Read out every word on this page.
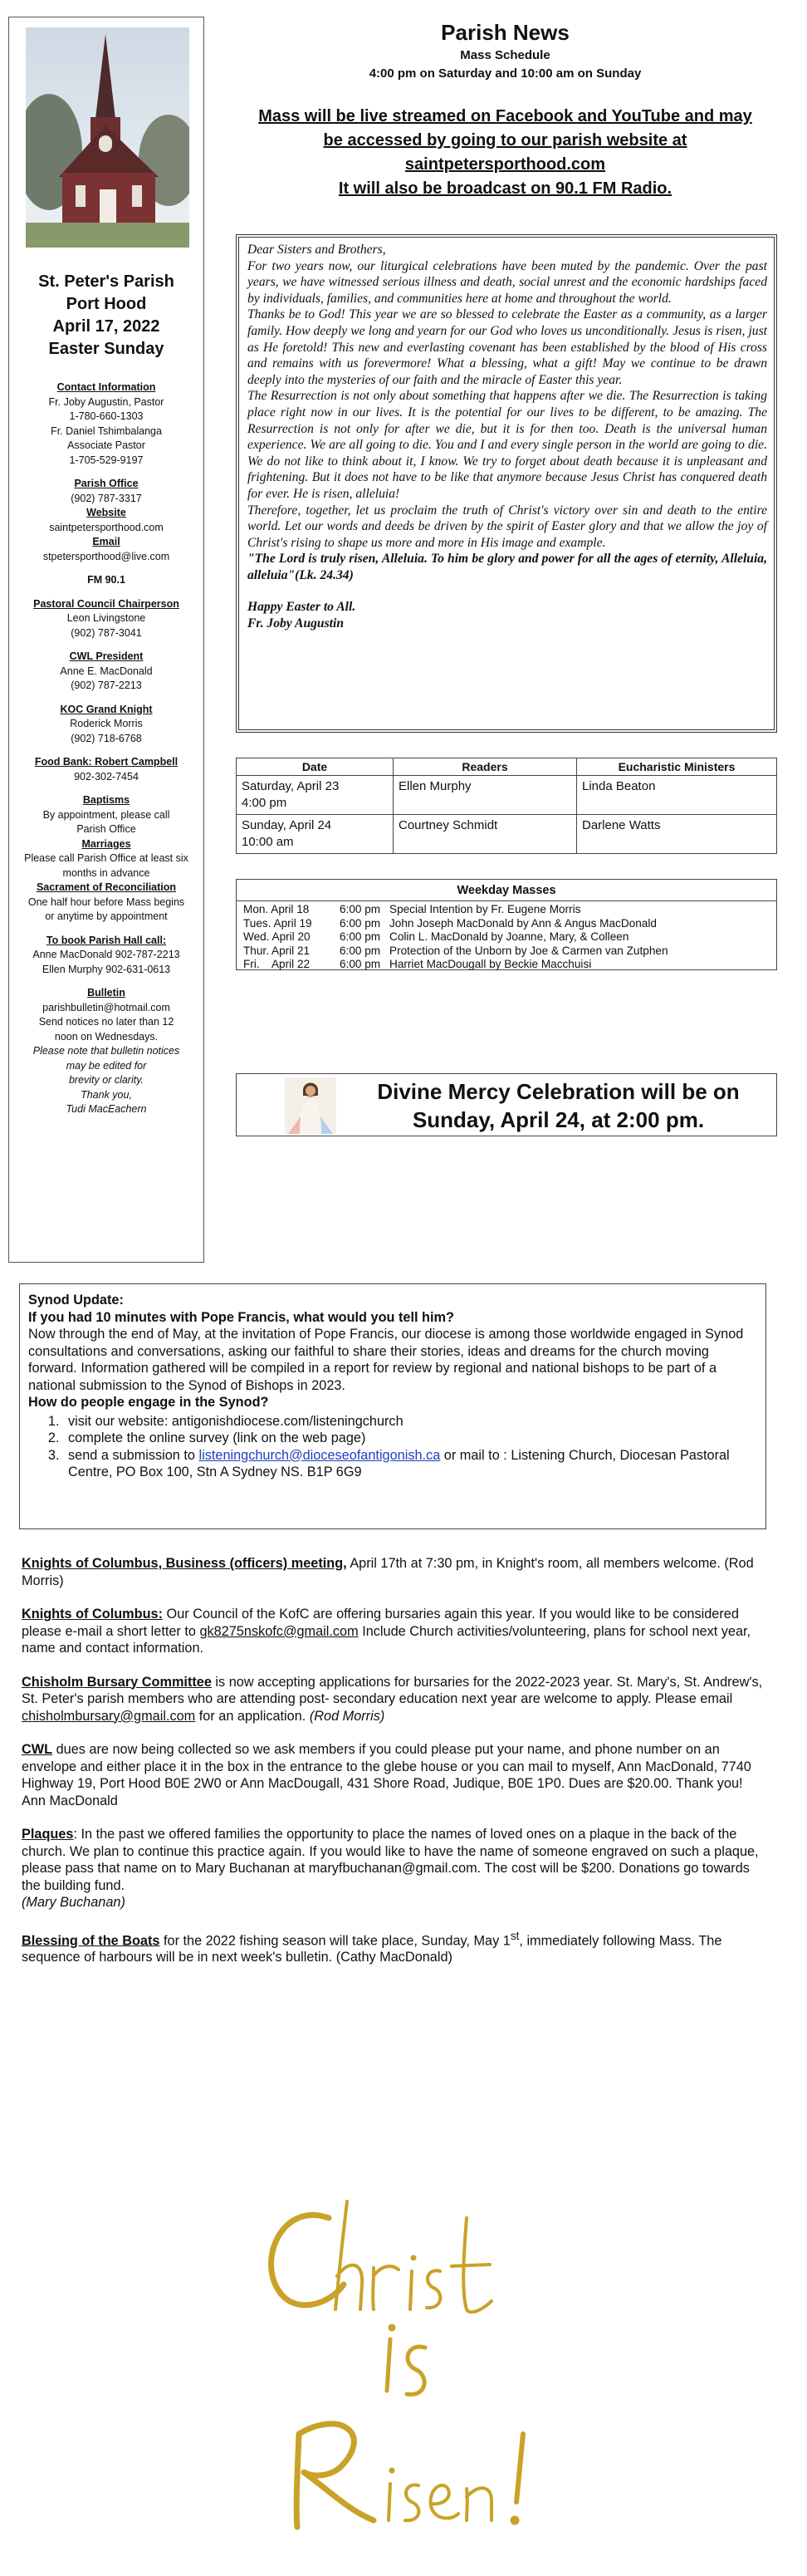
St. Peter's Parish
Port Hood
April 17, 2022
Easter Sunday
Contact Information
Fr. Joby Augustin, Pastor
1-780-660-1303
Fr. Daniel Tshimbalanga
Associate Pastor
1-705-529-9197
Parish Office
(902) 787-3317
Website
saintpetersporthood.com
Email
stpetersporthood@live.com
FM 90.1
Pastoral Council Chairperson
Leon Livingstone
(902) 787-3041
CWL President
Anne E. MacDonald
(902) 787-2213
KOC Grand Knight
Roderick Morris
(902) 718-6768
Food Bank: Robert Campbell
902-302-7454
Baptisms
By appointment, please call
Parish Office
Marriages
Please call Parish Office at least six
months in advance
Sacrament of Reconciliation
One half hour before Mass begins
or anytime by appointment
To book Parish Hall call:
Anne MacDonald 902-787-2213
Ellen Murphy 902-631-0613
Bulletin
parishbulletin@hotmail.com
Send notices no later than 12
noon on Wednesdays.
Please note that bulletin notices
may be edited for
brevity or clarity.
Thank you,
Tudi MacEachern
Parish News
Mass Schedule
4:00 pm on Saturday and 10:00 am on Sunday
Mass will be live streamed on Facebook and YouTube and may
be accessed by going to our parish website at
saintpetersporthood.com
It will also be broadcast on 90.1 FM Radio.
Dear Sisters and Brothers,
For two years now, our liturgical celebrations have been muted by the pandemic. Over the past years, we have witnessed serious illness and death, social unrest and the economic hardships faced by individuals, families, and communities here at home and throughout the world.
Thanks be to God! This year we are so blessed to celebrate the Easter as a community, as a larger family. How deeply we long and yearn for our God who loves us unconditionally. Jesus is risen, just as He foretold! This new and everlasting covenant has been established by the blood of His cross and remains with us forevermore! What a blessing, what a gift! May we continue to be drawn deeply into the mysteries of our faith and the miracle of Easter this year.
The Resurrection is not only about something that happens after we die. The Resurrection is taking place right now in our lives. It is the potential for our lives to be different, to be amazing. The Resurrection is not only for after we die, but it is for then too. Death is the universal human experience. We are all going to die. You and I and every single person in the world are going to die. We do not like to think about it, I know. We try to forget about death because it is unpleasant and frightening. But it does not have to be like that anymore because Jesus Christ has conquered death for ever. He is risen, alleluia!
Therefore, together, let us proclaim the truth of Christ's victory over sin and death to the entire world. Let our words and deeds be driven by the spirit of Easter glory and that we allow the joy of Christ's rising to shape us more and more in His image and example.
"The Lord is truly risen, Alleluia. To him be glory and power for all the ages of eternity, Alleluia, alleluia"(Lk. 24.34)
Happy Easter to All.
Fr. Joby Augustin
Date	Readers	Eucharistic Ministers

Saturday, April 23
4:00 pm	Ellen Murphy	Linda Beaton

Sunday, April 24
10:00 am	Courtney Schmidt	Darlene Watts
Weekday Masses
Mon. April 18	6:00 pm Special Intention by Fr. Eugene Morris
Tues. April 19 6:00 pm John Joseph MacDonald by Ann & Angus MacDonald
Wed. April 20	6:00 pm Colin L. MacDonald by Joanne, Mary, & Colleen
Thur. April 21	6:00 pm Protection of the Unborn by Joe & Carmen van Zutphen
Fri.    April 22	6:00 pm Harriet MacDougall by Beckie Macchuisi
Divine Mercy Celebration will be on
Sunday, April 24, at 2:00 pm.
Synod Update:
If you had 10 minutes with Pope Francis, what would you tell him?
Now through the end of May, at the invitation of Pope Francis, our diocese is among those worldwide engaged in Synod consultations and conversations, asking our faithful to share their stories, ideas and dreams for the church moving forward. Information gathered will be compiled in a report for review by regional and national bishops to be part of a national submission to the Synod of Bishops in 2023.
How do people engage in the Synod?
1. visit our website: antigonishdiocese.com/listeningchurch
2. complete the online survey (link on the web page)
3. send a submission to listeningchurch@dioceseofantigonish.ca or mail to : Listening Church, Diocesan Pastoral Centre, PO Box 100, Stn A Sydney NS. B1P 6G9

Knights of Columbus, Business (officers) meeting, April 17th at 7:30 pm, in Knight's room, all members welcome. (Rod Morris)

Knights of Columbus: Our Council of the KofC are offering bursaries again this year. If you would like to be considered please e-mail a short letter to gk8275nskofc@gmail.com Include Church activities/volunteering, plans for school next year, name and contact information.

Chisholm Bursary Committee is now accepting applications for bursaries for the 2022-2023 year. St. Mary's, St. Andrew's, St. Peter's parish members who are attending post- secondary education next year are welcome to apply. Please email chisholmbursary@gmail.com for an application. (Rod Morris)

CWL dues are now being collected so we ask members if you could please put your name, and phone number on an envelope and either place it in the box in the entrance to the glebe house or you can mail to myself, Ann MacDonald, 7740 Highway 19, Port Hood B0E 2W0 or Ann MacDougall, 431 Shore Road, Judique, B0E 1P0. Dues are $20.00. Thank you! Ann MacDonald

Plaques: In the past we offered families the opportunity to place the names of loved ones on a plaque in the back of the church. We plan to continue this practice again. If you would like to have the name of someone engraved on such a plaque, please pass that name on to Mary Buchanan at maryfbuchanan@gmail.com. The cost will be $200. Donations go towards the building fund.
(Mary Buchanan)

Blessing of the Boats for the 2022 fishing season will take place, Sunday, May 1st, immediately following Mass. The sequence of harbours will be in next week's bulletin. (Cathy MacDonald)
